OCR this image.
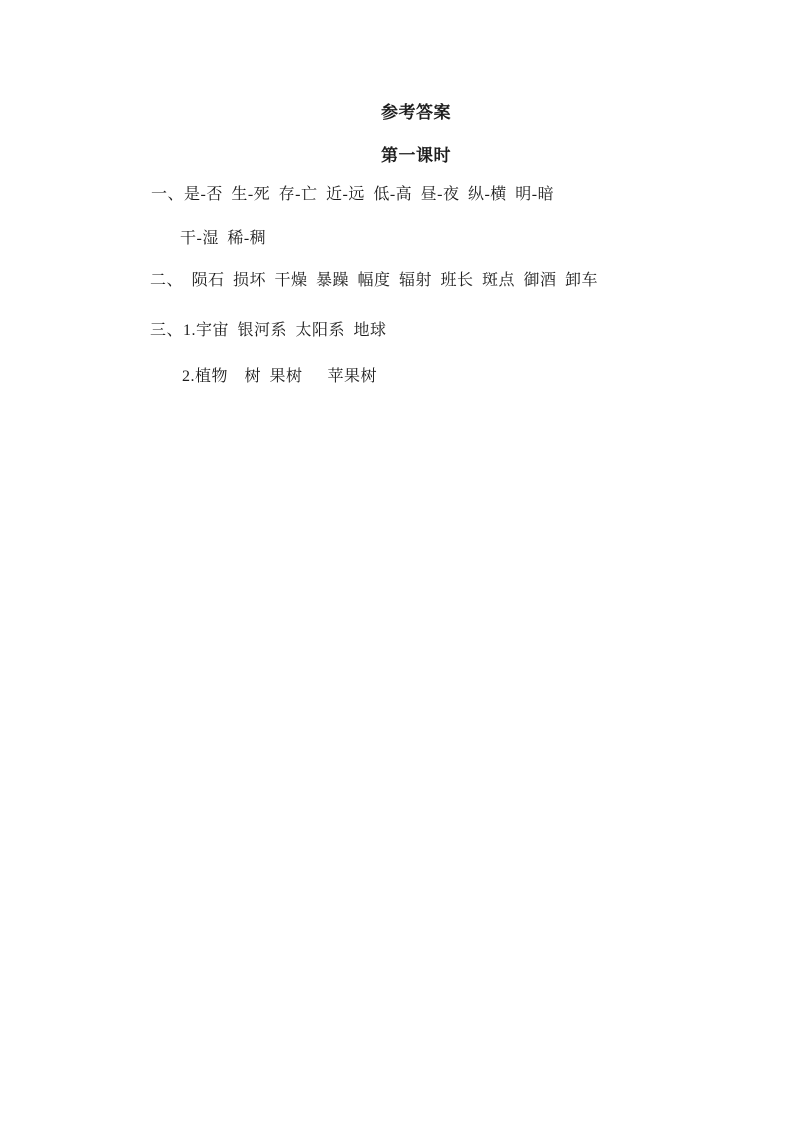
参考答案
第一课时
一、是-否 生-死 存-亡 近-远 低-高 昼-夜 纵-横 明-暗
干-湿 稀-稠
二、 陨石 损坏 干燥 暴躁 幅度 辐射 班长 斑点 御酒 卸车
三、1.宇宙 银河系 太阳系 地球
2.植物　树 果树　 苹果树
